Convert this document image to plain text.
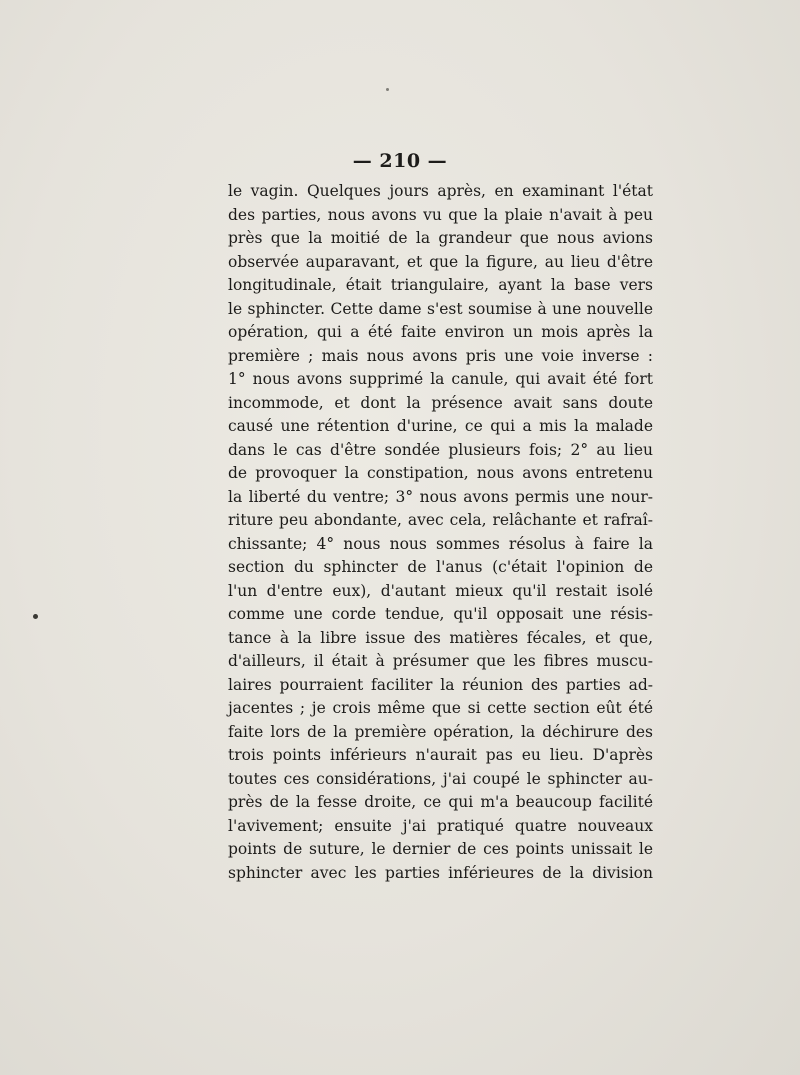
— 210 —
le vagin. Quelques jours après, en examinant l'état
des parties, nous avons vu que la plaie n'avait à peu
près que la moitié de la grandeur que nous avions
observée auparavant, et que la figure, au lieu d'être
longitudinale, était triangulaire, ayant la base vers
le sphincter. Cette dame s'est soumise à une nouvelle
opération, qui a été faite environ un mois après la
première ; mais nous avons pris une voie inverse :
1° nous avons supprimé la canule, qui avait été fort
incommode, et dont la présence avait sans doute
causé une rétention d'urine, ce qui a mis la malade
dans le cas d'être sondée plusieurs fois; 2° au lieu
de provoquer la constipation, nous avons entretenu
la liberté du ventre; 3° nous avons permis une nour-
riture peu abondante, avec cela, relâchante et rafraî-
chissante; 4° nous nous sommes résolus à faire la
section du sphincter de l'anus (c'était l'opinion de
l'un d'entre eux), d'autant mieux qu'il restait isolé
comme une corde tendue, qu'il opposait une résis-
tance à la libre issue des matières fécales, et que,
d'ailleurs, il était à présumer que les fibres muscu-
laires pourraient faciliter la réunion des parties ad-
jacentes ; je crois même que si cette section eût été
faite lors de la première opération, la déchirure des
trois points inférieurs n'aurait pas eu lieu. D'après
toutes ces considérations, j'ai coupé le sphincter au-
près de la fesse droite, ce qui m'a beaucoup facilité
l'avivement; ensuite j'ai pratiqué quatre nouveaux
points de suture, le dernier de ces points unissait le
sphincter avec les parties inférieures de la division
